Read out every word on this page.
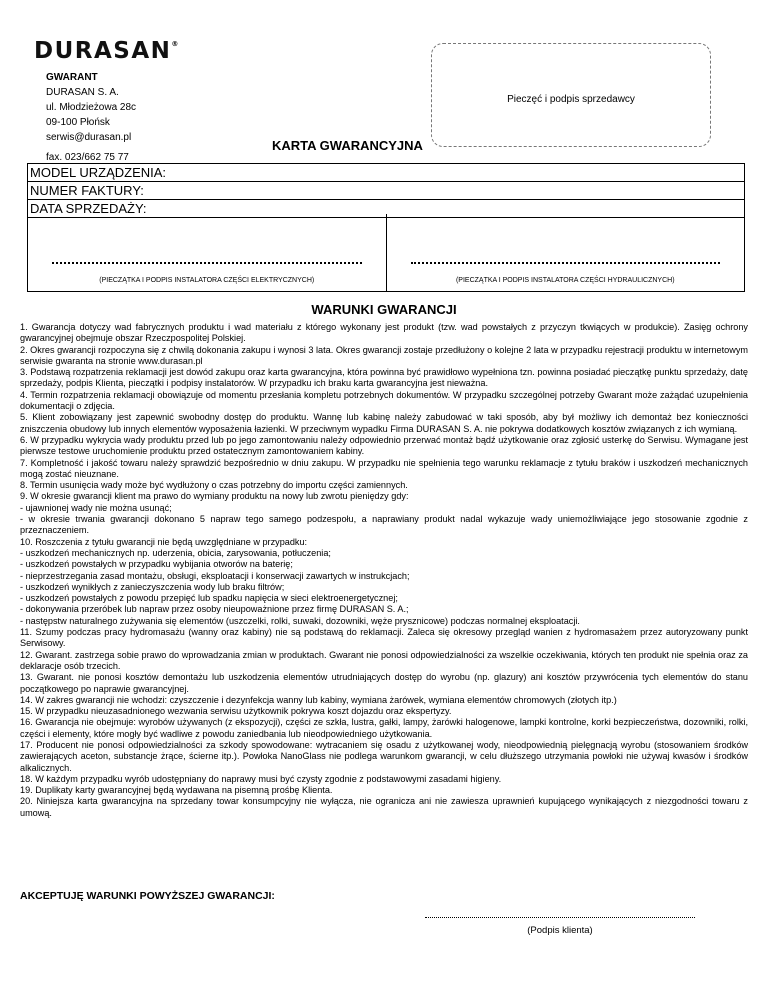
DURASAN®
GWARANT
DURASAN S. A.
ul. Młodzieżowa 28c
09-100 Płońsk
serwis@durasan.pl
fax. 023/662 75 77
Pieczęć i podpis sprzedawcy
KARTA GWARANCYJNA
MODEL URZĄDZENIA:
NUMER FAKTURY:
DATA SPRZEDAŻY:
(PIECZĄTKA I PODPIS INSTALATORA CZĘŚCI ELEKTRYCZNYCH)	(PIECZĄTKA I PODPIS INSTALATORA CZĘŚCI HYDRAULICZNYCH)
WARUNKI GWARANCJI

1. Gwarancja dotyczy wad fabrycznych produktu i wad materiału z którego wykonany jest produkt (tzw. wad powstałych z przyczyn tkwiących w produkcie). Zasięg ochrony gwarancyjnej obejmuje obszar Rzeczpospolitej Polskiej.

2. Okres gwarancji rozpoczyna się z chwilą dokonania zakupu i wynosi 3 lata. Okres gwarancji zostaje przedłużony o kolejne 2 lata w przypadku rejestracji produktu w internetowym serwisie gwaranta na stronie www.durasan.pl

3. Podstawą rozpatrzenia reklamacji jest dowód zakupu oraz karta gwarancyjna, która powinna być prawidłowo wypełniona tzn. powinna posiadać pieczątkę punktu sprzedaży, datę sprzedaży, podpis Klienta, pieczątki i podpisy instalatorów. W przypadku ich braku karta gwarancyjna jest nieważna.

4. Termin rozpatrzenia reklamacji obowiązuje od momentu przesłania kompletu potrzebnych dokumentów. W przypadku szczególnej potrzeby Gwarant może zażądać uzupełnienia dokumentacji o zdjęcia.

5. Klient zobowiązany jest zapewnić swobodny dostęp do produktu. Wannę lub kabinę należy zabudować w taki sposób, aby był możliwy ich demontaż bez konieczności zniszczenia obudowy lub innych elementów wyposażenia łazienki. W przeciwnym wypadku Firma DURASAN S. A. nie pokrywa dodatkowych kosztów związanych z ich wymianą.

6. W przypadku wykrycia wady produktu przed lub po jego zamontowaniu należy odpowiednio przerwać montaż bądź użytkowanie oraz zgłosić usterkę do Serwisu. Wymagane jest pierwsze testowe uruchomienie produktu przed ostatecznym zamontowaniem kabiny.

7. Kompletność i jakość towaru należy sprawdzić bezpośrednio w dniu zakupu. W przypadku nie spełnienia tego warunku reklamacje z tytułu braków i uszkodzeń mechanicznych mogą zostać nieuznane.

8. Termin usunięcia wady może być wydłużony o czas potrzebny do importu części zamiennych.

9. W okresie gwarancji klient ma prawo do wymiany produktu na nowy lub zwrotu pieniędzy gdy:

- ujawnionej wady nie można usunąć;

- w okresie trwania gwarancji dokonano 5 napraw tego samego podzespołu, a naprawiany produkt nadal wykazuje wady uniemożliwiające jego stosowanie zgodnie z przeznaczeniem.

10. Roszczenia z tytułu gwarancji nie będą uwzględniane w przypadku:

- uszkodzeń mechanicznych np. uderzenia, obicia, zarysowania, potłuczenia;

- uszkodzeń powstałych w przypadku wybijania otworów na baterię;

- nieprzestrzegania zasad montażu, obsługi, eksploatacji i konserwacji zawartych w instrukcjach;

- uszkodzeń wynikłych z zanieczyszczenia wody lub braku filtrów;

- uszkodzeń powstałych z powodu przepięć lub spadku napięcia w sieci elektroenergetycznej;

- dokonywania przeróbek lub napraw przez osoby nieupoważnione przez firmę DURASAN S. A.;

- następstw naturalnego zużywania się elementów (uszczelki, rolki, suwaki, dozowniki, węże prysznicowe) podczas normalnej eksploatacji.

11. Szumy podczas pracy hydromasażu (wanny oraz kabiny) nie są podstawą do reklamacji. Zaleca się okresowy przegląd wanien z hydromasażem przez autoryzowany punkt Serwisowy.

12. Gwarant. zastrzega sobie prawo do wprowadzania zmian w produktach. Gwarant nie ponosi odpowiedzialności za wszelkie oczekiwania, których ten produkt nie spełnia oraz za deklaracje osób trzecich.

13. Gwarant. nie ponosi kosztów demontażu lub uszkodzenia elementów utrudniających dostęp do wyrobu (np. glazury) ani kosztów przywrócenia tych elementów do stanu początkowego po naprawie gwarancyjnej.

14. W zakres gwarancji nie wchodzi: czyszczenie i dezynfekcja wanny lub kabiny, wymiana żarówek, wymiana elementów chromowych (złotych itp.)

15. W przypadku nieuzasadnionego wezwania serwisu użytkownik pokrywa koszt dojazdu oraz ekspertyzy.

16. Gwarancja nie obejmuje: wyrobów używanych (z ekspozycji), części ze szkła, lustra, gałki, lampy, żarówki halogenowe, lampki kontrolne, korki bezpieczeństwa, dozowniki, rolki, części i elementy, które mogły być wadliwe z powodu zaniedbania lub nieodpowiedniego użytkowania.

17. Producent nie ponosi odpowiedzialności za szkody spowodowane: wytracaniem się osadu z użytkowanej wody, nieodpowiednią pielęgnacją wyrobu (stosowaniem środków zawierających aceton, substancje żrące, ścierne itp.). Powłoka NanoGlass nie podlega warunkom gwarancji, w celu dłuższego utrzymania powłoki nie używaj kwasów i środków alkalicznych.

18. W każdym przypadku wyrób udostępniany do naprawy musi być czysty zgodnie z podstawowymi zasadami higieny.

19. Duplikaty karty gwarancyjnej będą wydawana na pisemną prośbę Klienta.

20. Niniejsza karta gwarancyjna na sprzedany towar konsumpcyjny nie wyłącza, nie ogranicza ani nie zawiesza uprawnień kupującego wynikających z niezgodności towaru z umową.

AKCEPTUJĘ WARUNKI POWYŻSZEJ GWARANCJI:
(Podpis klienta)
